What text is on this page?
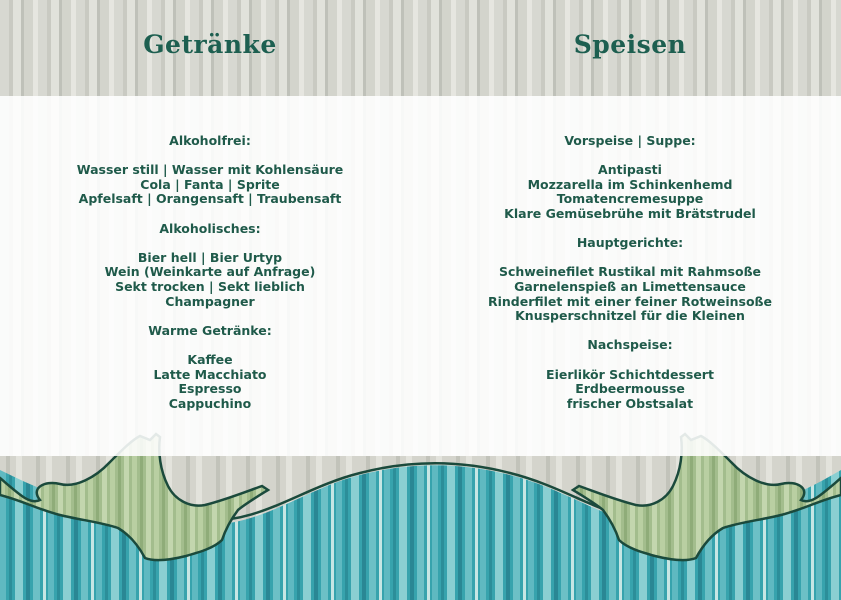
Getränke
Alkoholfrei:
Wasser still | Wasser mit Kohlensäure
Cola | Fanta | Sprite
Apfelsaft | Orangensaft | Traubensaft
Alkoholisches:
Bier hell | Bier Urtyp
Wein (Weinkarte auf Anfrage)
Sekt trocken | Sekt lieblich
Champagner
Warme Getränke:
Kaffee
Latte Macchiato
Espresso
Cappuchino
Speisen
Vorspeise | Suppe:
Antipasti
Mozzarella im Schinkenhemd
Tomatencremesuppe
Klare Gemüsebrühe mit Brätstrudel
Hauptgerichte:
Schweinefilet Rustikal mit Rahmsoße
Garnelenspieß an Limettensauce
Rinderfilet mit einer feiner Rotweinsoße
Knusperschnitzel für die Kleinen
Nachspeise:
Eierlikör Schichtdessert
Erdbeermousse
frischer Obstsalat
